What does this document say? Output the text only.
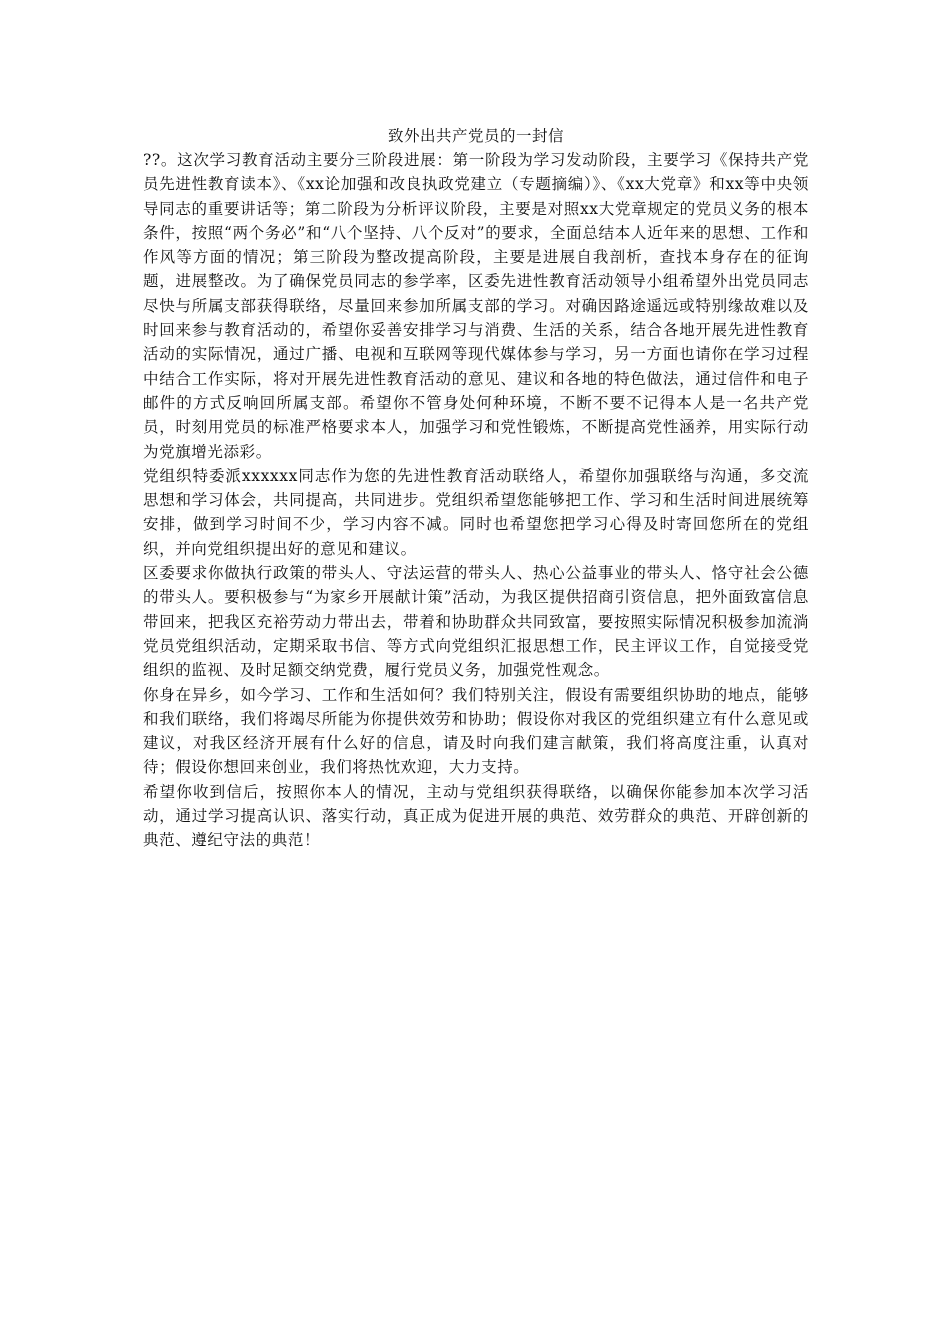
致外出共产党员的一封信

??。这次学习教育活动主要分三阶段进展：第一阶段为学习发动阶段，主要学习《保持共产党员先进性教育读本》、《xx论加强和改良执政党建立（专题摘编）》、《xx大党章》和xx等中央领导同志的重要讲话等；第二阶段为分析评议阶段，主要是对照xx大党章规定的党员义务的根本条件，按照“两个务必”和“八个坚持、八个反对”的要求，全面总结本人近年来的思想、工作和作风等方面的情况；第三阶段为整改提高阶段，主要是进展自我剖析，查找本身存在的征询题，进展整改。为了确保党员同志的参学率，区委先进性教育活动领导小组希望外出党员同志尽快与所属支部获得联络，尽量回来参加所属支部的学习。对确因路途遥远或特别缘故难以及时回来参与教育活动的，希望你妥善安排学习与消费、生活的关系，结合各地开展先进性教育活动的实际情况，通过广播、电视和互联网等现代媒体参与学习，另一方面也请你在学习过程中结合工作实际，将对开展先进性教育活动的意见、建议和各地的特色做法，通过信件和电子邮件的方式反响回所属支部。希望你不管身处何种环境，不断不要不记得本人是一名共产党员，时刻用党员的标准严格要求本人，加强学习和党性锻炼，不断提高党性涵养，用实际行动为党旗增光添彩。

党组织特委派xxxxxx同志作为您的先进性教育活动联络人，希望你加强联络与沟通，多交流思想和学习体会，共同提高，共同进步。党组织希望您能够把工作、学习和生活时间进展统筹安排，做到学习时间不少，学习内容不减。同时也希望您把学习心得及时寄回您所在的党组织，并向党组织提出好的意见和建议。

区委要求你做执行政策的带头人、守法运营的带头人、热心公益事业的带头人、恪守社会公德的带头人。要积极参与“为家乡开展献计策”活动，为我区提供招商引资信息，把外面致富信息带回来，把我区充裕劳动力带出去，带着和协助群众共同致富，要按照实际情况积极参加流淌党员党组织活动，定期采取书信、等方式向党组织汇报思想工作，民主评议工作，自觉接受党组织的监视、及时足额交纳党费，履行党员义务，加强党性观念。

你身在异乡，如今学习、工作和生活如何？我们特别关注，假设有需要组织协助的地点，能够和我们联络，我们将竭尽所能为你提供效劳和协助；假设你对我区的党组织建立有什么意见或建议，对我区经济开展有什么好的信息，请及时向我们建言献策，我们将高度注重，认真对待；假设你想回来创业，我们将热忱欢迎，大力支持。

希望你收到信后，按照你本人的情况，主动与党组织获得联络，以确保你能参加本次学习活动，通过学习提高认识、落实行动，真正成为促进开展的典范、效劳群众的典范、开辟创新的典范、遵纪守法的典范！
